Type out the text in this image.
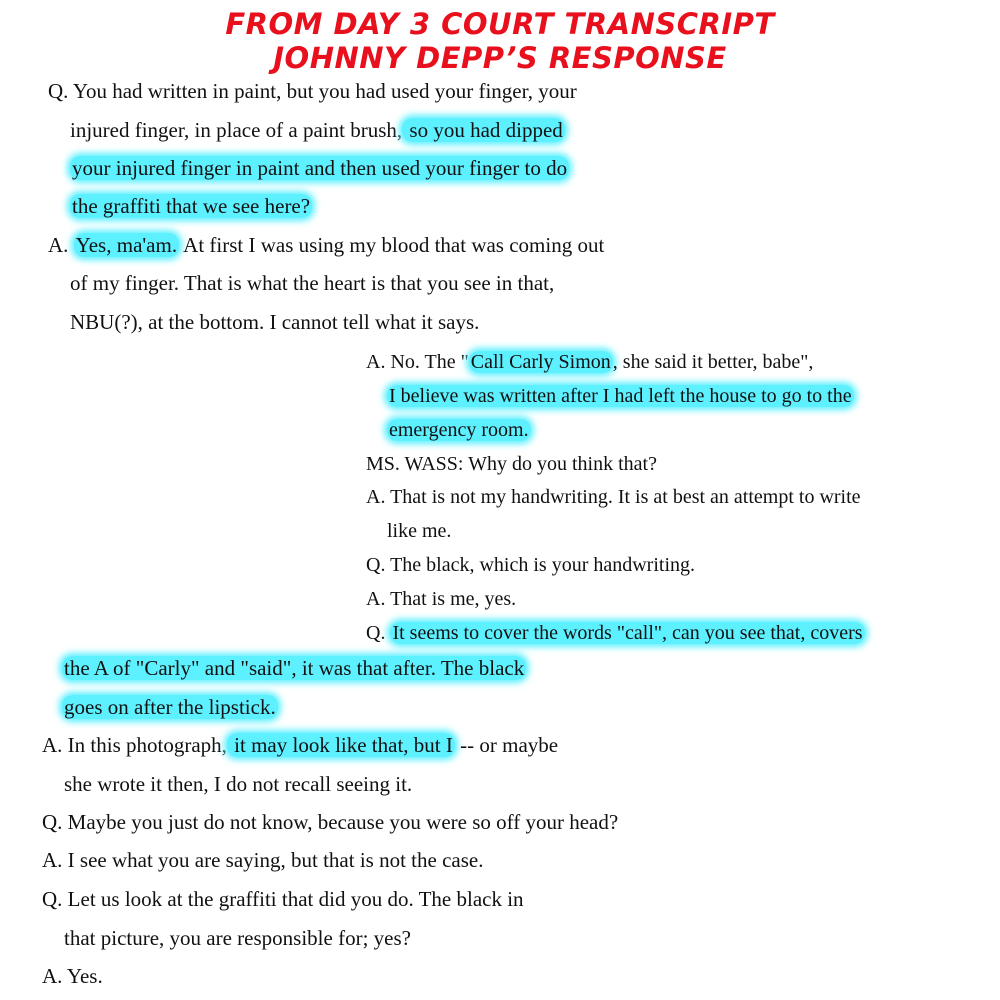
FROM DAY 3 COURT TRANSCRIPT
JOHNNY DEPP’S RESPONSE

Q. You had written in paint, but you had used your finger, your

injured finger, in place of a paint brush, so you had dipped

your injured finger in paint and then used your finger to do

the graffiti that we see here?

A. Yes, ma'am. At first I was using my blood that was coming out

of my finger. That is what the heart is that you see in that,

NBU(?), at the bottom. I cannot tell what it says.

A. No. The " Call Carly Simon , she said it better, babe",

I believe was written after I had left the house to go to the

emergency room.

MS. WASS: Why do you think that?

A. That is not my handwriting. It is at best an attempt to write

like me.

Q. The black, which is your handwriting.

A. That is me, yes.

Q. It seems to cover the words "call", can you see that, covers

the A of "Carly" and "said", it was that after. The black

goes on after the lipstick.

A. In this photograph, it may look like that, but I -- or maybe

she wrote it then, I do not recall seeing it.

Q. Maybe you just do not know, because you were so off your head?

A. I see what you are saying, but that is not the case.

Q. Let us look at the graffiti that did you do. The black in

that picture, you are responsible for; yes?

A. Yes.
